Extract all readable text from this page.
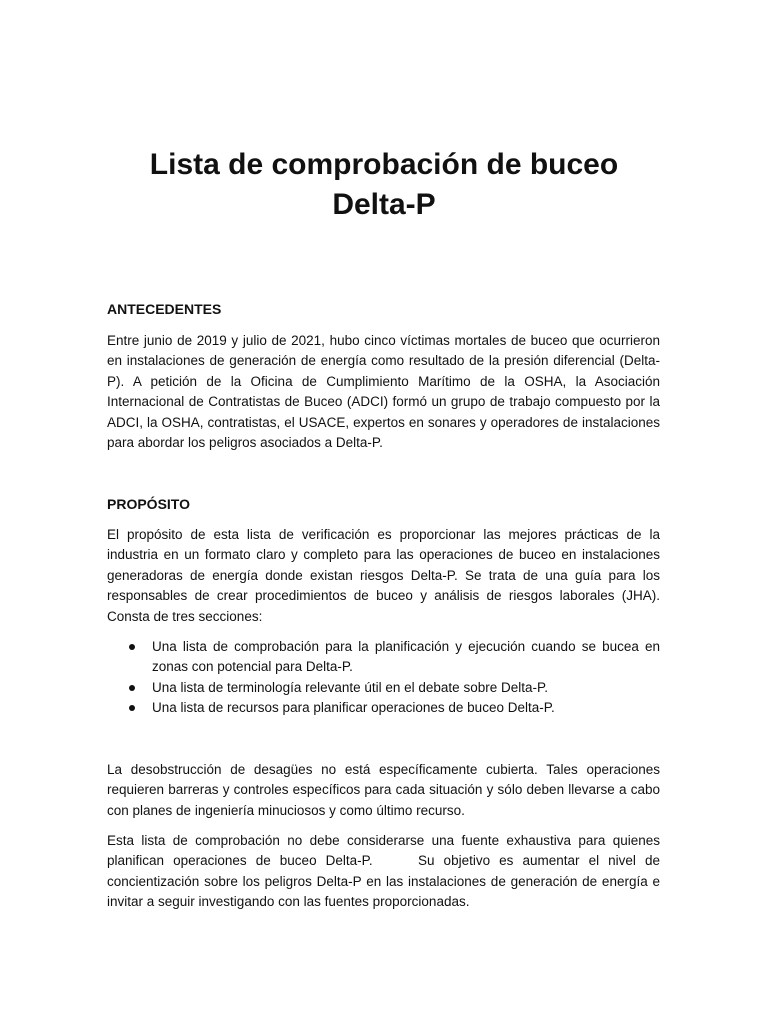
Lista de comprobación de buceo Delta-P
ANTECEDENTES

Entre junio de 2019 y julio de 2021, hubo cinco víctimas mortales de buceo que ocurrieron en instalaciones de generación de energía como resultado de la presión diferencial (Delta-P). A petición de la Oficina de Cumplimiento Marítimo de la OSHA, la Asociación Internacional de Contratistas de Buceo (ADCI) formó un grupo de trabajo compuesto por la ADCI, la OSHA, contratistas, el USACE, expertos en sonares y operadores de instalaciones para abordar los peligros asociados a Delta-P.

PROPÓSITO

El propósito de esta lista de verificación es proporcionar las mejores prácticas de la industria en un formato claro y completo para las operaciones de buceo en instalaciones generadoras de energía donde existan riesgos Delta-P. Se trata de una guía para los responsables de crear procedimientos de buceo y análisis de riesgos laborales (JHA). Consta de tres secciones:

Una lista de comprobación para la planificación y ejecución cuando se bucea en zonas con potencial para Delta-P.
Una lista de terminología relevante útil en el debate sobre Delta-P.
Una lista de recursos para planificar operaciones de buceo Delta-P.

La desobstrucción de desagües no está específicamente cubierta. Tales operaciones requieren barreras y controles específicos para cada situación y sólo deben llevarse a cabo con planes de ingeniería minuciosos y como último recurso.

Esta lista de comprobación no debe considerarse una fuente exhaustiva para quienes planifican operaciones de buceo Delta-P.     Su objetivo es aumentar el nivel de concientización sobre los peligros Delta-P en las instalaciones de generación de energía e invitar a seguir investigando con las fuentes proporcionadas.
